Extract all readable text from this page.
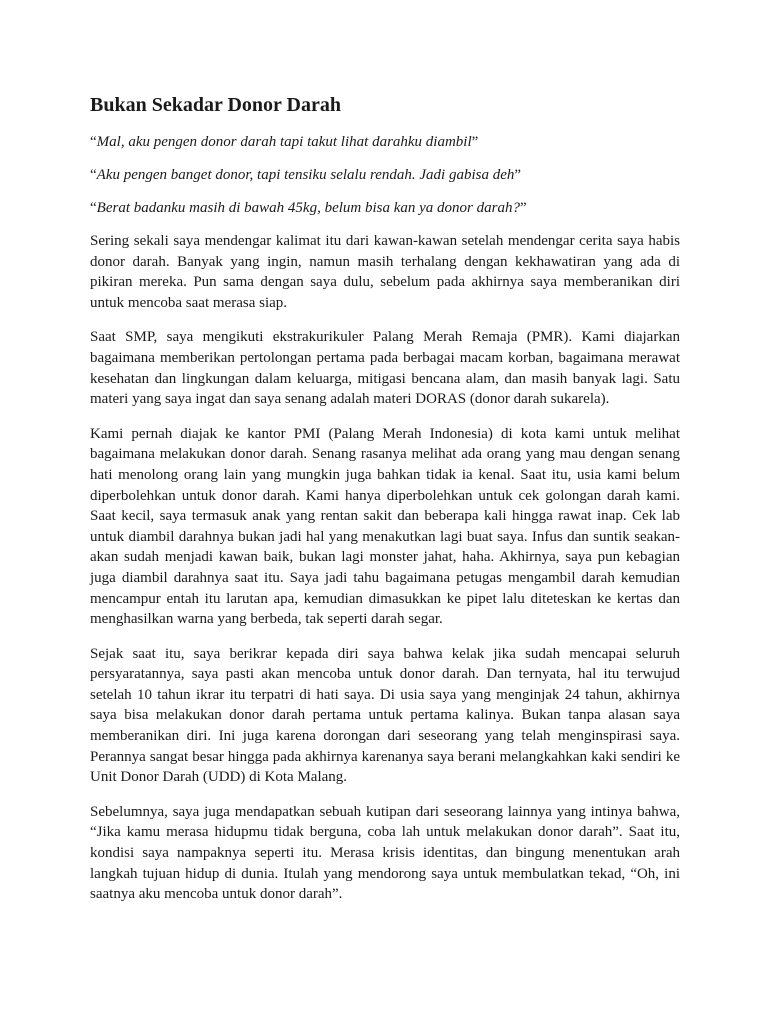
Bukan Sekadar Donor Darah

“Mal, aku pengen donor darah tapi takut lihat darahku diambil”

“Aku pengen banget donor, tapi tensiku selalu rendah. Jadi gabisa deh”

“Berat badanku masih di bawah 45kg, belum bisa kan ya donor darah?”

Sering sekali saya mendengar kalimat itu dari kawan-kawan setelah mendengar cerita saya habis donor darah. Banyak yang ingin, namun masih terhalang dengan kekhawatiran yang ada di pikiran mereka. Pun sama dengan saya dulu, sebelum pada akhirnya saya memberanikan diri untuk mencoba saat merasa siap.

Saat SMP, saya mengikuti ekstrakurikuler Palang Merah Remaja (PMR). Kami diajarkan bagaimana memberikan pertolongan pertama pada berbagai macam korban, bagaimana merawat kesehatan dan lingkungan dalam keluarga, mitigasi bencana alam, dan masih banyak lagi. Satu materi yang saya ingat dan saya senang adalah materi DORAS (donor darah sukarela).

Kami pernah diajak ke kantor PMI (Palang Merah Indonesia) di kota kami untuk melihat bagaimana melakukan donor darah. Senang rasanya melihat ada orang yang mau dengan senang hati menolong orang lain yang mungkin juga bahkan tidak ia kenal. Saat itu, usia kami belum diperbolehkan untuk donor darah. Kami hanya diperbolehkan untuk cek golongan darah kami. Saat kecil, saya termasuk anak yang rentan sakit dan beberapa kali hingga rawat inap. Cek lab untuk diambil darahnya bukan jadi hal yang menakutkan lagi buat saya. Infus dan suntik seakan-akan sudah menjadi kawan baik, bukan lagi monster jahat, haha. Akhirnya, saya pun kebagian juga diambil darahnya saat itu. Saya jadi tahu bagaimana petugas mengambil darah kemudian mencampur entah itu larutan apa, kemudian dimasukkan ke pipet lalu diteteskan ke kertas dan menghasilkan warna yang berbeda, tak seperti darah segar.

Sejak saat itu, saya berikrar kepada diri saya bahwa kelak jika sudah mencapai seluruh persyaratannya, saya pasti akan mencoba untuk donor darah. Dan ternyata, hal itu terwujud setelah 10 tahun ikrar itu terpatri di hati saya. Di usia saya yang menginjak 24 tahun, akhirnya saya bisa melakukan donor darah pertama untuk pertama kalinya. Bukan tanpa alasan saya memberanikan diri. Ini juga karena dorongan dari seseorang yang telah menginspirasi saya. Perannya sangat besar hingga pada akhirnya karenanya saya berani melangkahkan kaki sendiri ke Unit Donor Darah (UDD) di Kota Malang.

Sebelumnya, saya juga mendapatkan sebuah kutipan dari seseorang lainnya yang intinya bahwa, “Jika kamu merasa hidupmu tidak berguna, coba lah untuk melakukan donor darah”. Saat itu, kondisi saya nampaknya seperti itu. Merasa krisis identitas, dan bingung menentukan arah langkah tujuan hidup di dunia. Itulah yang mendorong saya untuk membulatkan tekad, “Oh, ini saatnya aku mencoba untuk donor darah”.
